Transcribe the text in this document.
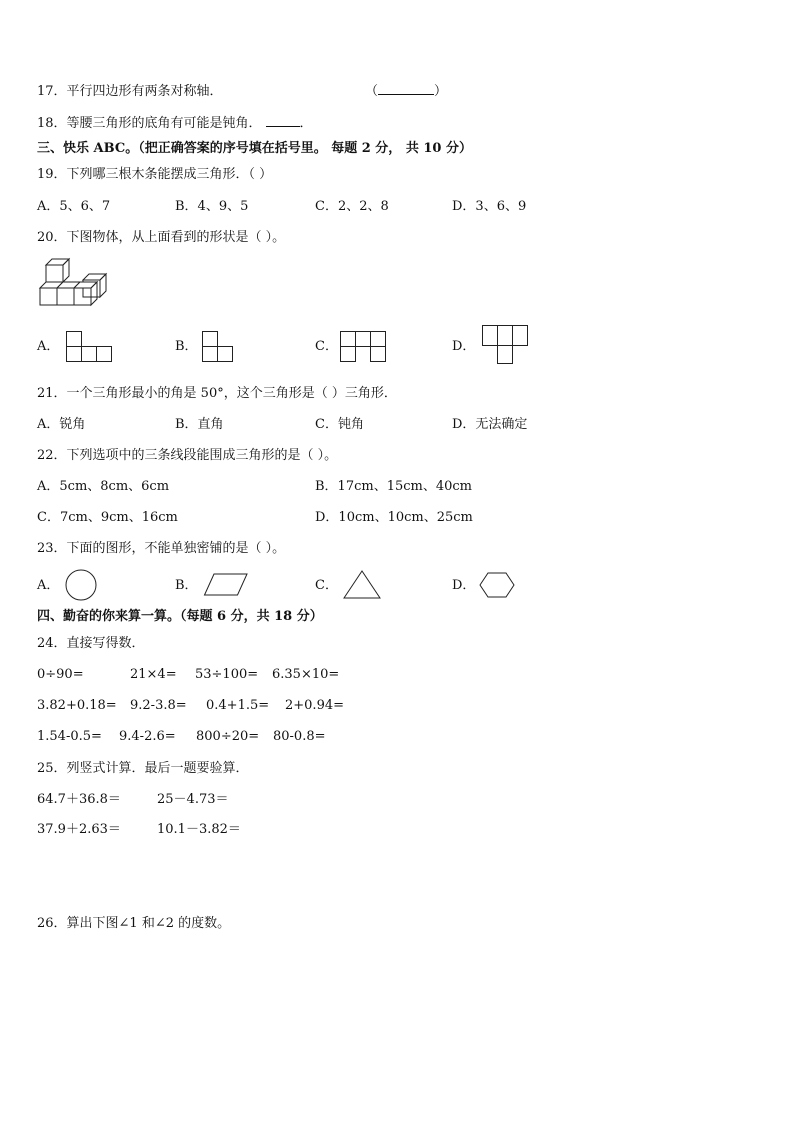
17．平行四边形有两条对称轴．	（	）
18．等腰三角形的底角有可能是钝角．	．
三、快乐 ABC。（把正确答案的序号填在括号里。 每题 2 分， 共 10 分）
19．下列哪三根木条能摆成三角形．（ ）
A．5、6、7	B．4、9、5	C．2、2、8	D．3、6、9
20．下图物体，从上面看到的形状是（ ）。
A．	B．	C．	D．
21．一个三角形最小的角是 50°，这个三角形是（ ）三角形．
A．锐角	B．直角	C．钝角	D．无法确定
22．下列选项中的三条线段能围成三角形的是（ ）。
A．5cm、8cm、6cm	B．17cm、15cm、40cm
C．7cm、9cm、16cm	D．10cm、10cm、25cm
23．下面的图形，不能单独密铺的是（ ）。
A．	B．	C．	D．
四、勤奋的你来算一算。（每题 6 分，共 18 分）
24．直接写得数．
0÷90=	21×4= 53÷100= 6.35×10=
3.82+0.18= 9.2-3.8= 0.4+1.5= 2+0.94=
1.54-0.5= 9.4-2.6= 800÷20= 80-0.8=
25．列竖式计算．最后一题要验算．
64.7＋36.8＝	25－4.73＝
37.9＋2.63＝	10.1－3.82＝
26．算出下图∠1 和∠2 的度数。
